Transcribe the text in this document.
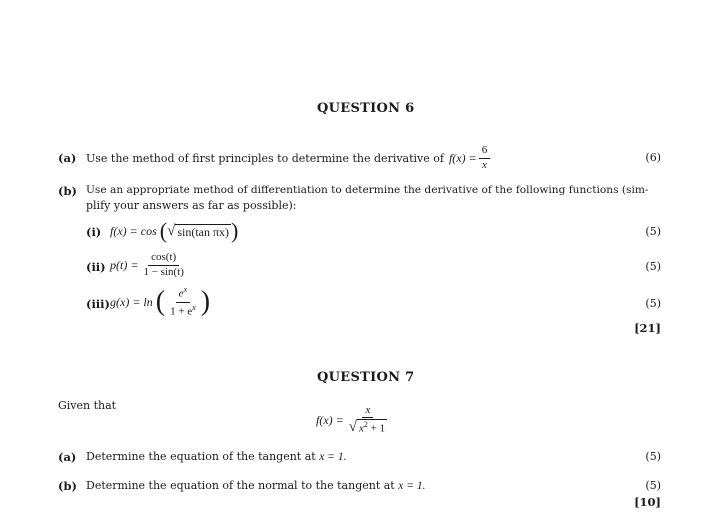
QUESTION 6
(a) Use the method of first principles to determine the derivative of $f(x) = \frac{6}{x}$	(6)
(b) Use an appropriate method of differentiation to determine the derivative of the following functions (sim-
plify your answers as far as possible):
(i) f(x) = cos ( √ sin(tan πx) )	(5)
(ii) $p(t) = \frac{\cos(t)}{1 - \sin(t)}$	(5)
(iii) g(x) = ln ( $\frac{e^x}{1 + e^x}$ )	(5)
[21]
QUESTION 7
Given that
$f(x) = \frac{x}{√ x^2 + 1}$
(a) Determine the equation of the tangent at x = 1.	(5)
(b) Determine the equation of the normal to the tangent at x = 1.	(5)
[10]
